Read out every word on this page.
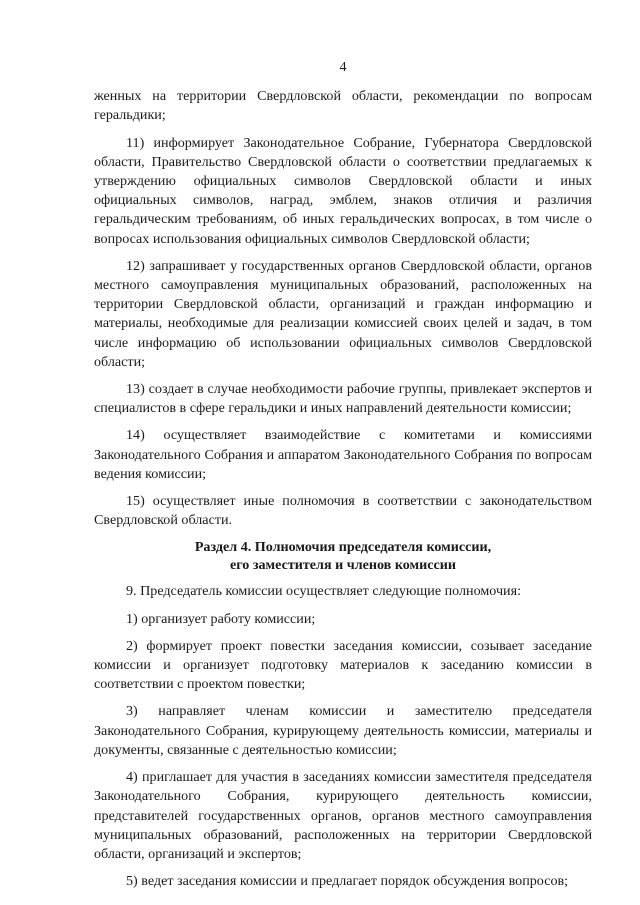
4

женных на территории Свердловской области, рекомендации по вопросам геральдики;

11) информирует Законодательное Собрание, Губернатора Свердловской области, Правительство Свердловской области о соответствии предлагаемых к утверждению официальных символов Свердловской области и иных официальных символов, наград, эмблем, знаков отличия и различия геральдическим требованиям, об иных геральдических вопросах, в том числе о вопросах использования официальных символов Свердловской области;

12) запрашивает у государственных органов Свердловской области, органов местного самоуправления муниципальных образований, расположенных на территории Свердловской области, организаций и граждан информацию и материалы, необходимые для реализации комиссией своих целей и задач, в том числе информацию об использовании официальных символов Свердловской области;

13) создает в случае необходимости рабочие группы, привлекает экспертов и специалистов в сфере геральдики и иных направлений деятельности комиссии;

14) осуществляет взаимодействие с комитетами и комиссиями Законодательного Собрания и аппаратом Законодательного Собрания по вопросам ведения комиссии;

15) осуществляет иные полномочия в соответствии с законодательством Свердловской области.

Раздел 4. Полномочия председателя комиссии,
его заместителя и членов комиссии

9. Председатель комиссии осуществляет следующие полномочия:

1) организует работу комиссии;

2) формирует проект повестки заседания комиссии, созывает заседание комиссии и организует подготовку материалов к заседанию комиссии в соответствии с проектом повестки;

3) направляет членам комиссии и заместителю председателя Законодательного Собрания, курирующему деятельность комиссии, материалы и документы, связанные с деятельностью комиссии;

4) приглашает для участия в заседаниях комиссии заместителя председателя Законодательного Собрания, курирующего деятельность комиссии, представителей государственных органов, органов местного самоуправления муниципальных образований, расположенных на территории Свердловской области, организаций и экспертов;

5) ведет заседания комиссии и предлагает порядок обсуждения вопросов;
